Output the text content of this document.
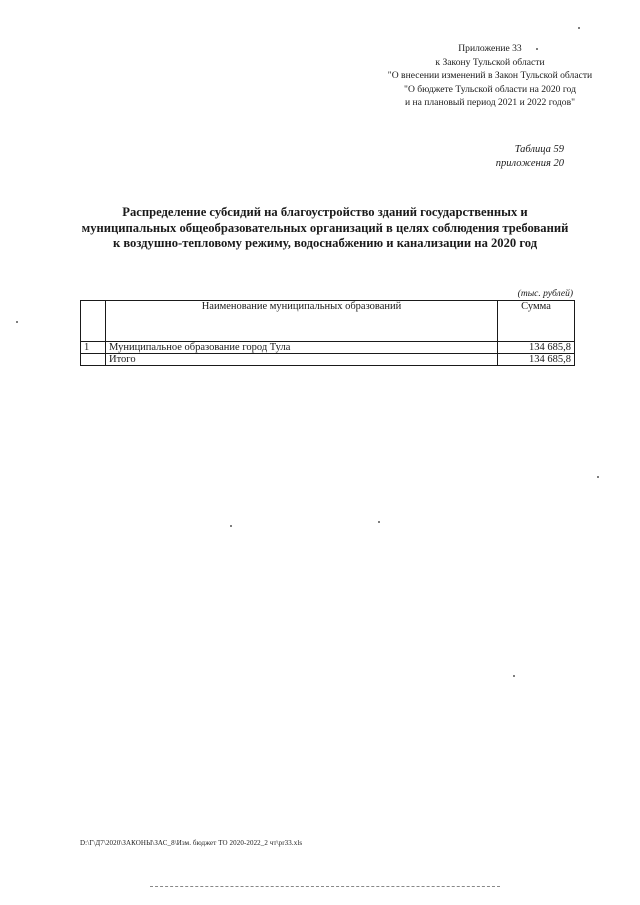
Приложение 33
к Закону Тульской области
"О внесении изменений в Закон Тульской области
"О бюджете Тульской области на 2020 год
и на плановый период 2021 и 2022 годов"
Таблица 59
приложения 20
Распределение субсидий на благоустройство зданий государственных и
муниципальных общеобразовательных организаций в целях соблюдения требований
к воздушно-тепловому режиму, водоснабжению и канализации на 2020 год
(тыс. рублей)
	Наименование муниципальных образований	Сумма
1	Муниципальное образование город Тула	134 685,8
	Итого	134 685,8
D:\Г\Д7\2020\ЗАКОНЫ\ЗАС_8\Изм. бюджет ТО 2020-2022_2 чт\pr33.xls
